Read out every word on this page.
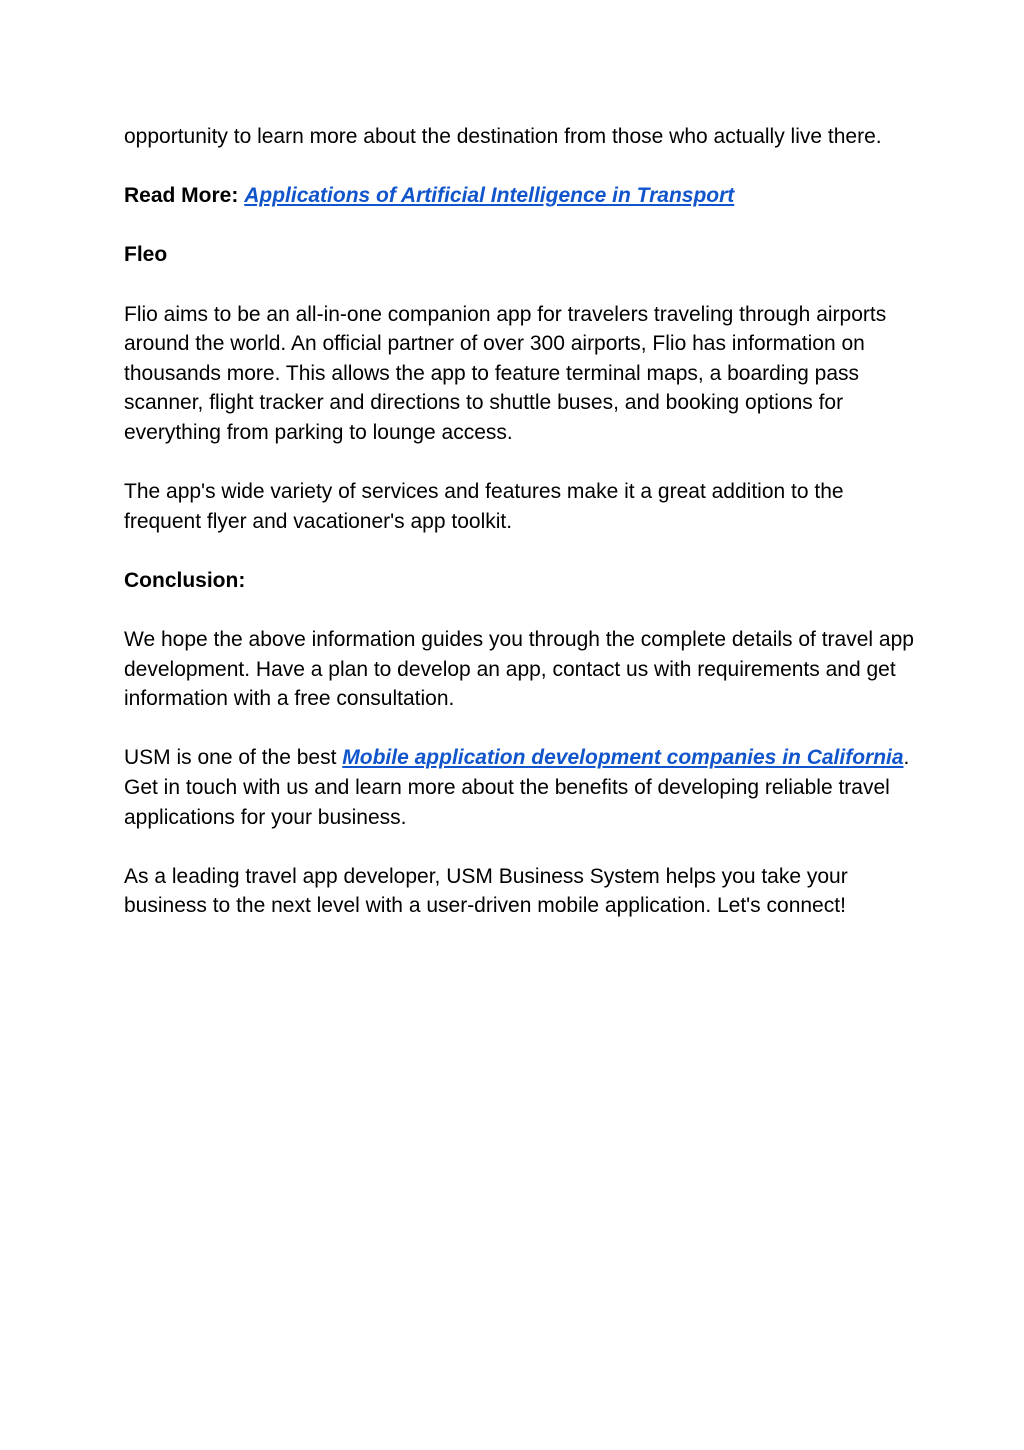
opportunity to learn more about the destination from those who actually live there.

Read More: Applications of Artificial Intelligence in Transport

Fleo

Flio aims to be an all-in-one companion app for travelers traveling through airports around the world. An official partner of over 300 airports, Flio has information on thousands more. This allows the app to feature terminal maps, a boarding pass scanner, flight tracker and directions to shuttle buses, and booking options for everything from parking to lounge access.

The app's wide variety of services and features make it a great addition to the frequent flyer and vacationer's app toolkit.

Conclusion:

We hope the above information guides you through the complete details of travel app development. Have a plan to develop an app, contact us with requirements and get information with a free consultation.

USM is one of the best Mobile application development companies in California. Get in touch with us and learn more about the benefits of developing reliable travel applications for your business.

As a leading travel app developer, USM Business System helps you take your business to the next level with a user-driven mobile application. Let's connect!
